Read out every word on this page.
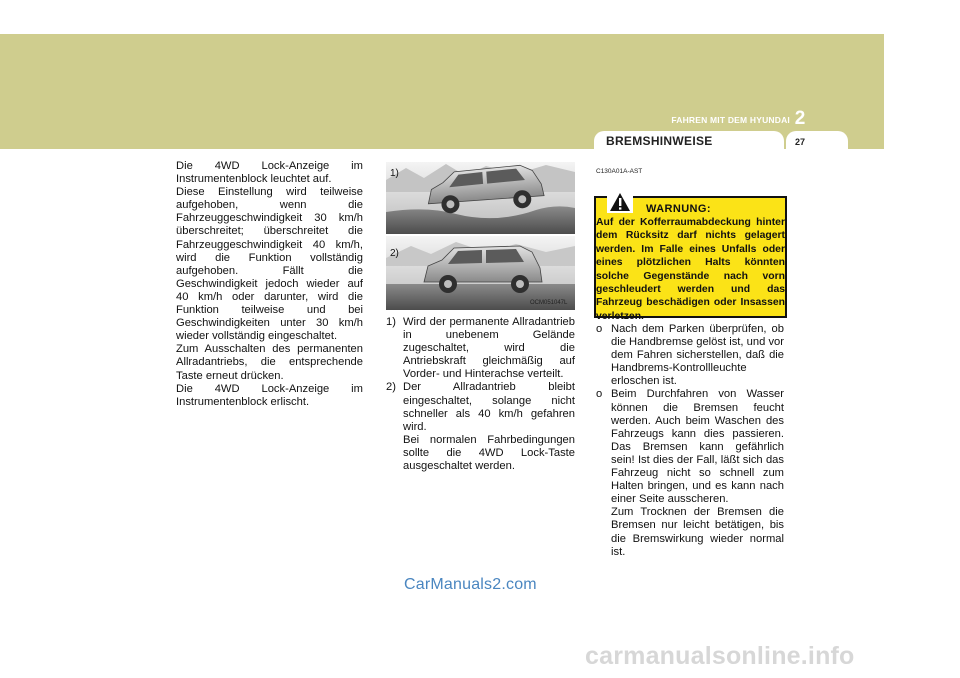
FAHREN MIT DEM HYUNDAI 2
BREMSHINWEISE	27

Die 4WD Lock-Anzeige im Instrumentenblock leuchtet auf.

Diese Einstellung wird teilweise aufgehoben, wenn die Fahrzeuggeschwindigkeit 30 km/h überschreitet; überschreitet die Fahrzeuggeschwindigkeit 40 km/h, wird die Funktion vollständig aufgehoben. Fällt die Geschwindigkeit jedoch wieder auf 40 km/h oder darunter, wird die Funktion teilweise und bei Geschwindigkeiten unter 30 km/h wieder vollständig eingeschaltet.

Zum Ausschalten des permanenten Allradantriebs, die entsprechende Taste erneut drücken.

Die 4WD Lock-Anzeige im Instrumentenblock erlischt.

1)
2)
OCM051047L
1) Wird der permanente Allradantrieb in unebenem Gelände zugeschaltet, wird die Antriebskraft gleichmäßig auf Vorder- und Hinterachse verteilt.

2) Der Allradantrieb bleibt eingeschaltet, solange nicht schneller als 40 km/h gefahren wird.

Bei normalen Fahrbedingungen sollte die 4WD Lock-Taste ausgeschaltet werden.

C130A01A-AST
WARNUNG:
Auf der Kofferraumabdeckung hinter dem Rücksitz darf nichts gelagert werden. Im Falle eines Unfalls oder eines plötzlichen Halts könnten solche Gegenstände nach vorn geschleudert werden und das Fahrzeug beschädigen oder Insassen verletzen.
o Nach dem Parken überprüfen, ob die Handbremse gelöst ist, und vor dem Fahren sicherstellen, daß die Handbrems-Kontrollleuchte erloschen ist.

o Beim Durchfahren von Wasser können die Bremsen feucht werden. Auch beim Waschen des Fahrzeugs kann dies passieren. Das Bremsen kann gefährlich sein! Ist dies der Fall, läßt sich das Fahrzeug nicht so schnell zum Halten bringen, und es kann nach einer Seite ausscheren.

Zum Trocknen der Bremsen die Bremsen nur leicht betätigen, bis die Bremswirkung wieder normal ist.

CarManuals2.com
carmanualsonline.info
